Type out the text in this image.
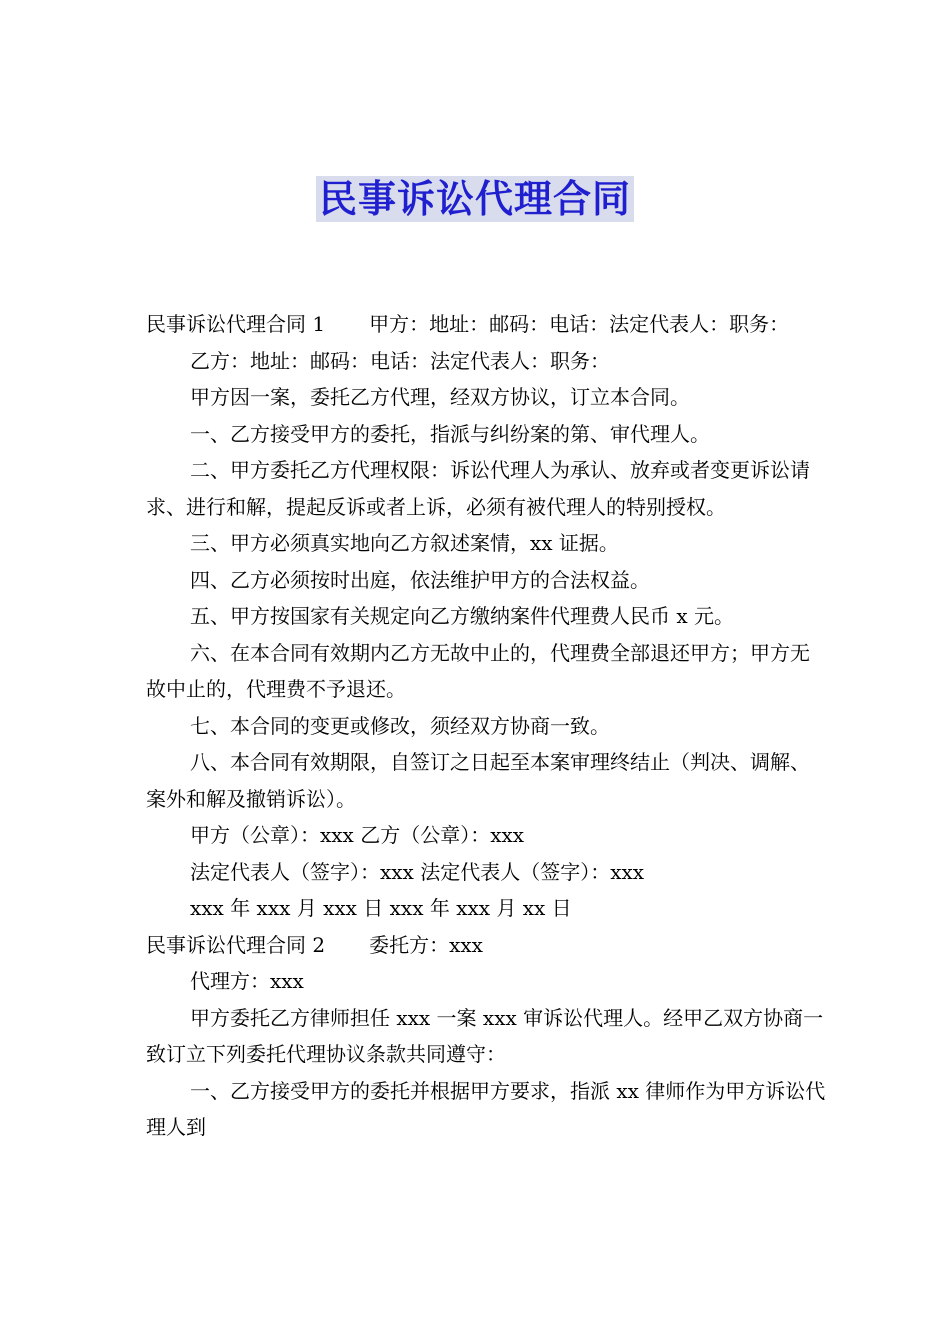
民事诉讼代理合同

民事诉讼代理合同 1 甲方：地址：邮码：电话：法定代表人：职务：

乙方：地址：邮码：电话：法定代表人：职务：

甲方因一案，委托乙方代理，经双方协议，订立本合同。

一、乙方接受甲方的委托，指派与纠纷案的第、审代理人。

二、甲方委托乙方代理权限：诉讼代理人为承认、放弃或者变更诉讼请求、进行和解，提起反诉或者上诉，必须有被代理人的特别授权。

三、甲方必须真实地向乙方叙述案情，xx 证据。

四、乙方必须按时出庭，依法维护甲方的合法权益。

五、甲方按国家有关规定向乙方缴纳案件代理费人民币 x 元。

六、在本合同有效期内乙方无故中止的，代理费全部退还甲方；甲方无故中止的，代理费不予退还。

七、本合同的变更或修改，须经双方协商一致。

八、本合同有效期限，自签订之日起至本案审理终结止（判决、调解、案外和解及撤销诉讼）。

甲方（公章）：xxx 乙方（公章）：xxx

法定代表人（签字）：xxx 法定代表人（签字）：xxx

xxx 年 xxx 月 xxx 日 xxx 年 xxx 月 xx 日

民事诉讼代理合同 2 委托方：xxx

代理方：xxx

甲方委托乙方律师担任 xxx 一案 xxx 审诉讼代理人。经甲乙双方协商一致订立下列委托代理协议条款共同遵守：

一、乙方接受甲方的委托并根据甲方要求，指派 xx 律师作为甲方诉讼代理人到
